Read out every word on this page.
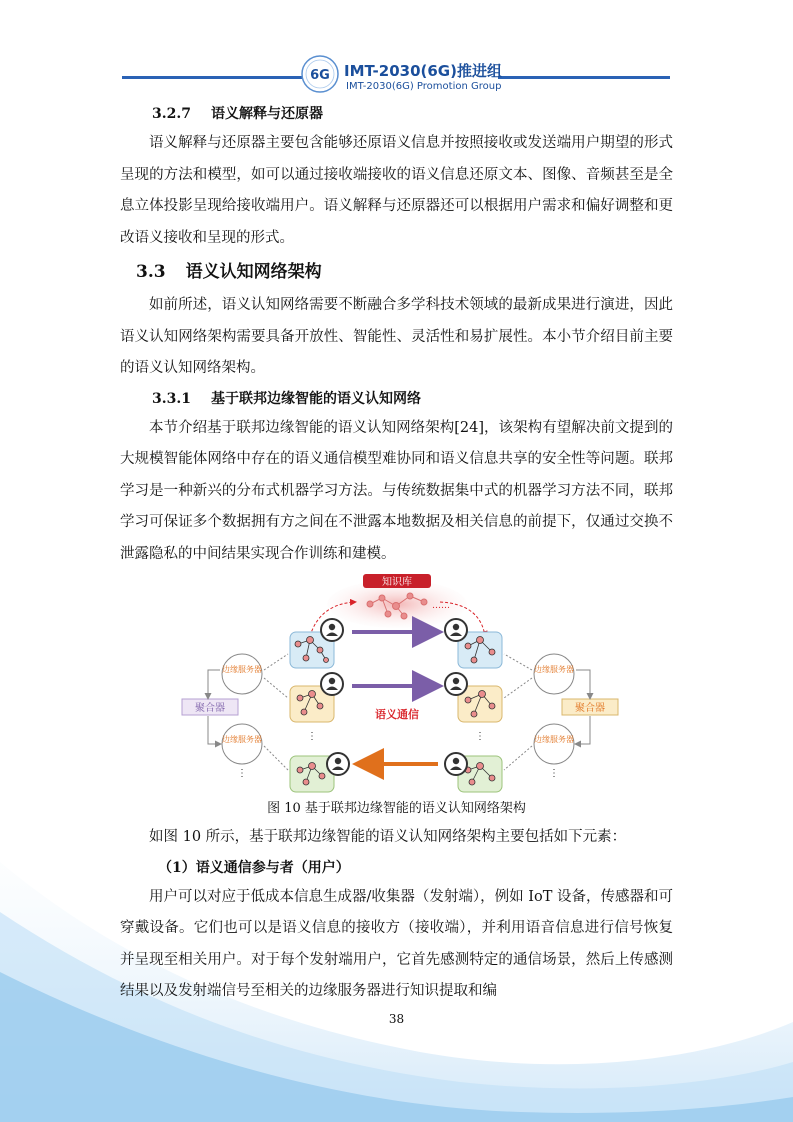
6G IMT-2030(6G)推进组
IMT-2030(6G) Promotion Group
3.2.7 语义解释与还原器

语义解释与还原器主要包含能够还原语义信息并按照接收或发送端用户期望的形式呈现的方法和模型，如可以通过接收端接收的语义信息还原文本、图像、音频甚至是全息立体投影呈现给接收端用户。语义解释与还原器还可以根据用户需求和偏好调整和更改语义接收和呈现的形式。

3.3 语义认知网络架构

如前所述，语义认知网络需要不断融合多学科技术领域的最新成果进行演进，因此语义认知网络架构需要具备开放性、智能性、灵活性和易扩展性。本小节介绍目前主要的语义认知网络架构。

3.3.1 基于联邦边缘智能的语义认知网络

本节介绍基于联邦边缘智能的语义认知网络架构[24]，该架构有望解决前文提到的大规模智能体网络中存在的语义通信模型难协同和语义信息共享的安全性等问题。联邦学习是一种新兴的分布式机器学习方法。与传统数据集中式的机器学习方法不同，联邦学习可保证多个数据拥有方之间在不泄露本地数据及相关信息的前提下，仅通过交换不泄露隐私的中间结果实现合作训练和建模。

知识库
……
⋮	⋮
语义通信
边缘服务器
边缘服务器
⋮
聚合器
边缘服务器
边缘服务器
⋮
聚合器

图 10 基于联邦边缘智能的语义认知网络架构

如图 10 所示，基于联邦边缘智能的语义认知网络架构主要包括如下元素：

（1）语义通信参与者（用户）

用户可以对应于低成本信息生成器/收集器（发射端），例如 IoT 设备，传感器和可穿戴设备。它们也可以是语义信息的接收方（接收端），并利用语音信息进行信号恢复并呈现至相关用户。对于每个发射端用户，它首先感测特定的通信场景，然后上传感测结果以及发射端信号至相关的边缘服务器进行知识提取和编

38
